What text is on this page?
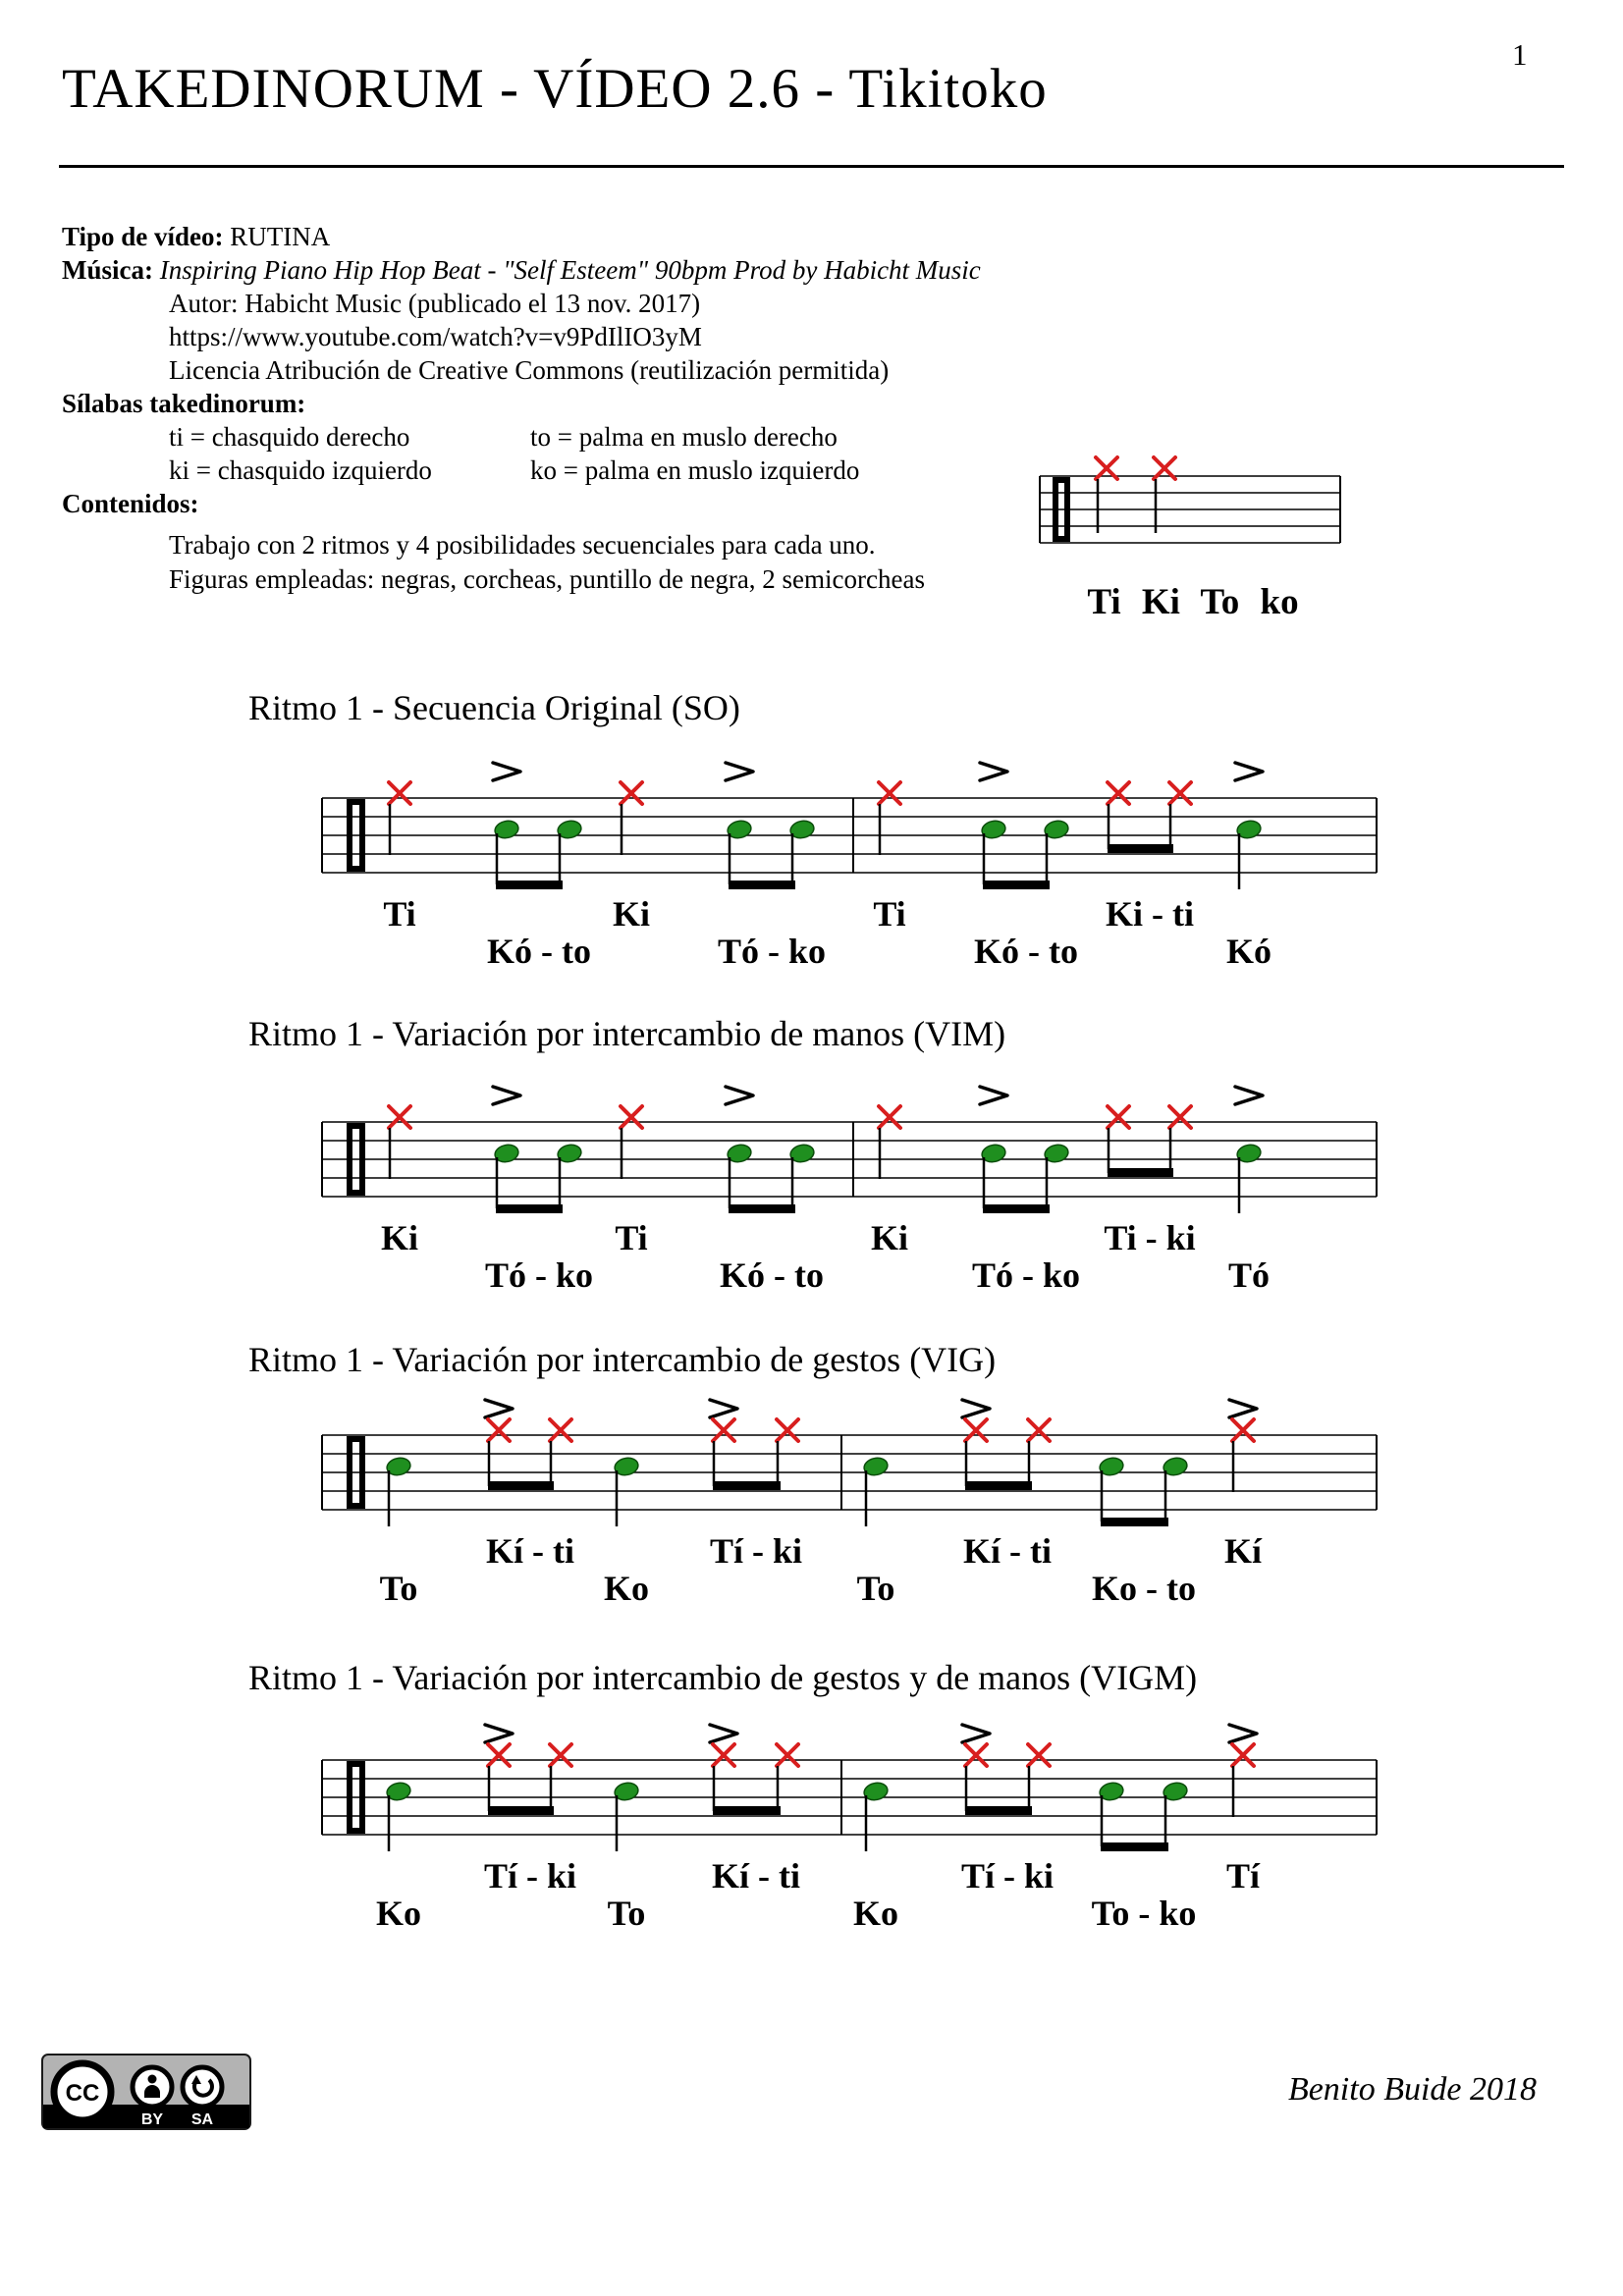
TAKEDINORUM - VÍDEO 2.6 - Tikitoko
1
Tipo de vídeo: RUTINA
Música: Inspiring Piano Hip Hop Beat - "Self Esteem" 90bpm Prod by Habicht Music
Autor: Habicht Music (publicado el 13 nov. 2017)
https://www.youtube.com/watch?v=v9PdIlIO3yM
Licencia Atribución de Creative Commons (reutilización permitida)
Sílabas takedinorum:
ti = chasquido derecho	to = palma en muslo derecho
ki = chasquido izquierdo	ko = palma en muslo izquierdo
Contenidos:
Trabajo con 2 ritmos y 4 posibilidades secuenciales para cada uno.
Figuras empleadas: negras, corcheas, puntillo de negra, 2 semicorcheas
Ti Ki To ko
Ritmo 1 - Secuencia Original (SO)
Ti	Ki	Ti	Ki - ti
Kó - to	Tó - ko	Kó - to	Kó
Ritmo 1 - Variación por intercambio de manos (VIM)
Ki	Ti	Ki	Ti - ki
Tó - ko	Kó - to	Tó - ko	Tó
Ritmo 1 - Variación por intercambio de gestos (VIG)
Kí - ti	Tí - ki	Kí - ti	Kí
To	Ko	To	Ko - to
Ritmo 1 - Variación por intercambio de gestos y de manos (VIGM)
Tí - ki	Kí - ti	Tí - ki	Tí
Ko	To	Ko	To - ko
CC
BY SA
Benito Buide 2018
